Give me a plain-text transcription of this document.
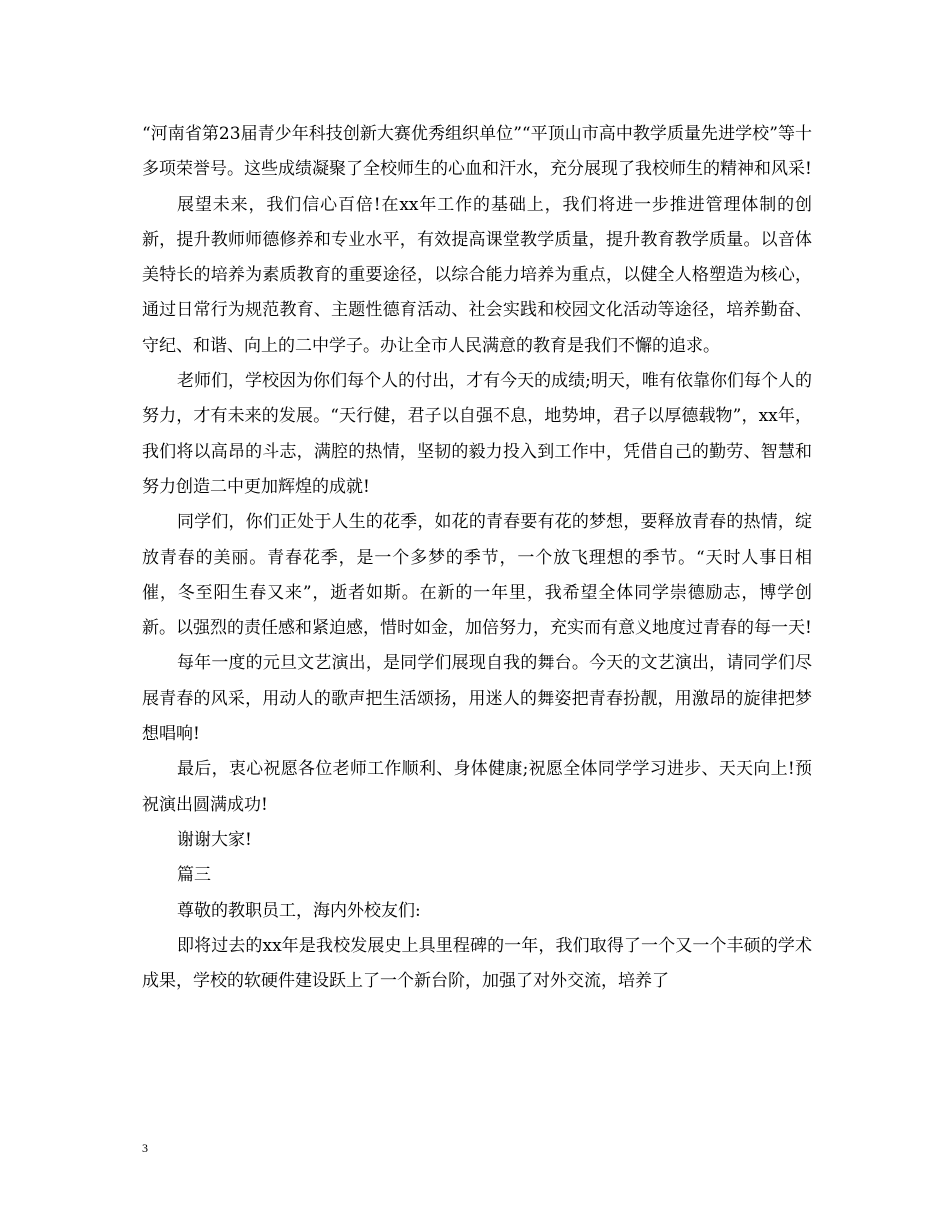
“河南省第23届青少年科技创新大赛优秀组织单位”“平顶山市高中教学质量先进学校”等十多项荣誉号。这些成绩凝聚了全校师生的心血和汗水，充分展现了我校师生的精神和风采!

展望未来，我们信心百倍!在xx年工作的基础上，我们将进一步推进管理体制的创新，提升教师师德修养和专业水平，有效提高课堂教学质量，提升教育教学质量。以音体美特长的培养为素质教育的重要途径，以综合能力培养为重点，以健全人格塑造为核心，通过日常行为规范教育、主题性德育活动、社会实践和校园文化活动等途径，培养勤奋、守纪、和谐、向上的二中学子。办让全市人民满意的教育是我们不懈的追求。

老师们，学校因为你们每个人的付出，才有今天的成绩;明天，唯有依靠你们每个人的努力，才有未来的发展。“天行健，君子以自强不息，地势坤，君子以厚德载物”，xx年，我们将以高昂的斗志，满腔的热情，坚韧的毅力投入到工作中，凭借自己的勤劳、智慧和努力创造二中更加辉煌的成就!

同学们，你们正处于人生的花季，如花的青春要有花的梦想，要释放青春的热情，绽放青春的美丽。青春花季，是一个多梦的季节，一个放飞理想的季节。“天时人事日相催，冬至阳生春又来”，逝者如斯。在新的一年里，我希望全体同学崇德励志，博学创新。以强烈的责任感和紧迫感，惜时如金，加倍努力，充实而有意义地度过青春的每一天!

每年一度的元旦文艺演出，是同学们展现自我的舞台。今天的文艺演出，请同学们尽展青春的风采，用动人的歌声把生活颂扬，用迷人的舞姿把青春扮靓，用激昂的旋律把梦想唱响!

最后，衷心祝愿各位老师工作顺利、身体健康;祝愿全体同学学习进步、天天向上!预祝演出圆满成功!

谢谢大家!

篇三

尊敬的教职员工，海内外校友们:

即将过去的xx年是我校发展史上具里程碑的一年，我们取得了一个又一个丰硕的学术成果，学校的软硬件建设跃上了一个新台阶，加强了对外交流，培养了

3
